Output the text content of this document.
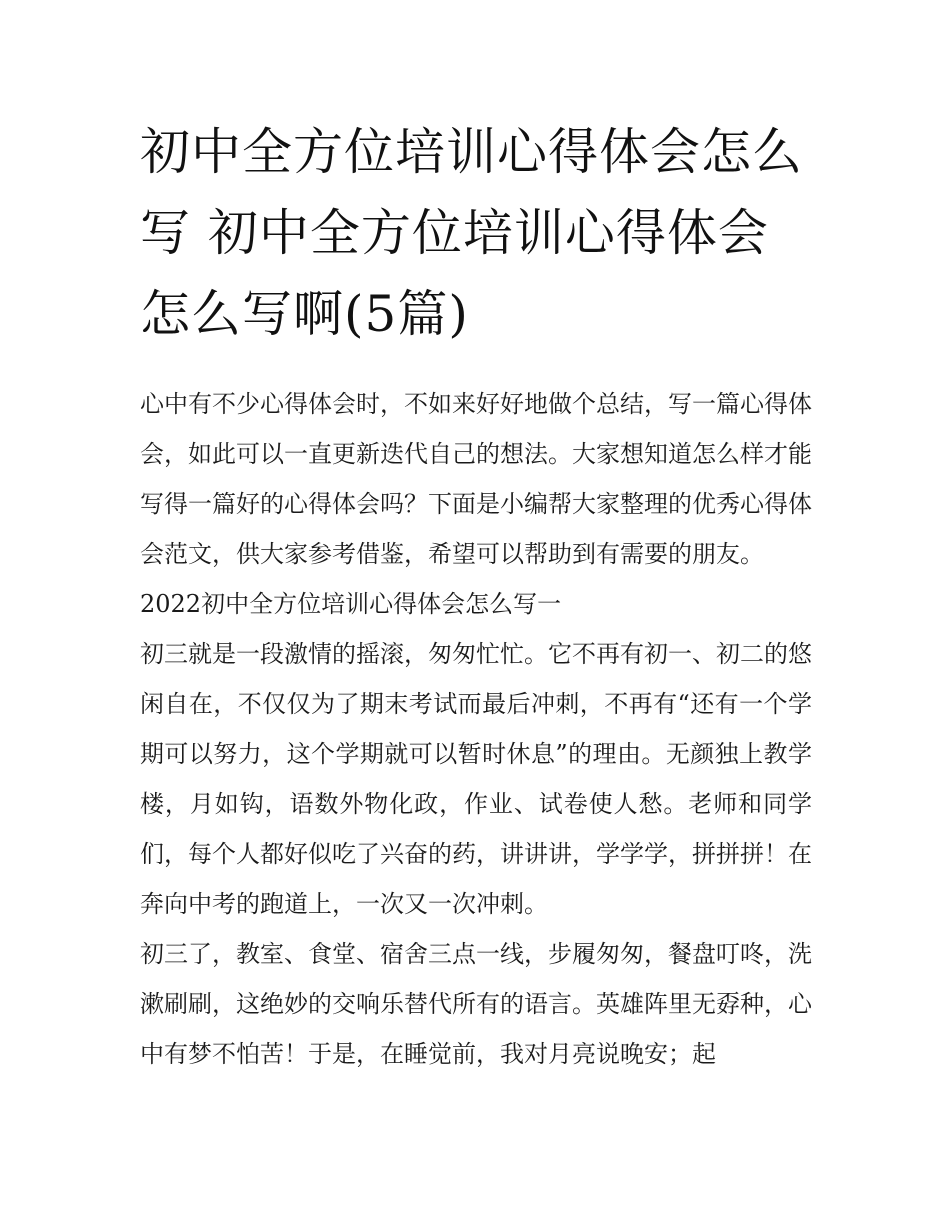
初中全方位培训心得体会怎么写 初中全方位培训心得体会怎么写啊(5篇)

心中有不少心得体会时，不如来好好地做个总结，写一篇心得体会，如此可以一直更新迭代自己的想法。大家想知道怎么样才能写得一篇好的心得体会吗？下面是小编帮大家整理的优秀心得体会范文，供大家参考借鉴，希望可以帮助到有需要的朋友。

2022初中全方位培训心得体会怎么写一

初三就是一段激情的摇滚，匆匆忙忙。它不再有初一、初二的悠闲自在，不仅仅为了期末考试而最后冲刺，不再有“还有一个学期可以努力，这个学期就可以暂时休息”的理由。无颜独上教学楼，月如钩，语数外物化政，作业、试卷使人愁。老师和同学们，每个人都好似吃了兴奋的药，讲讲讲，学学学，拼拼拼！在奔向中考的跑道上，一次又一次冲刺。

初三了，教室、食堂、宿舍三点一线，步履匆匆，餐盘叮咚，洗漱刷刷，这绝妙的交响乐替代所有的语言。英雄阵里无孬种，心中有梦不怕苦！于是，在睡觉前，我对月亮说晚安；起
